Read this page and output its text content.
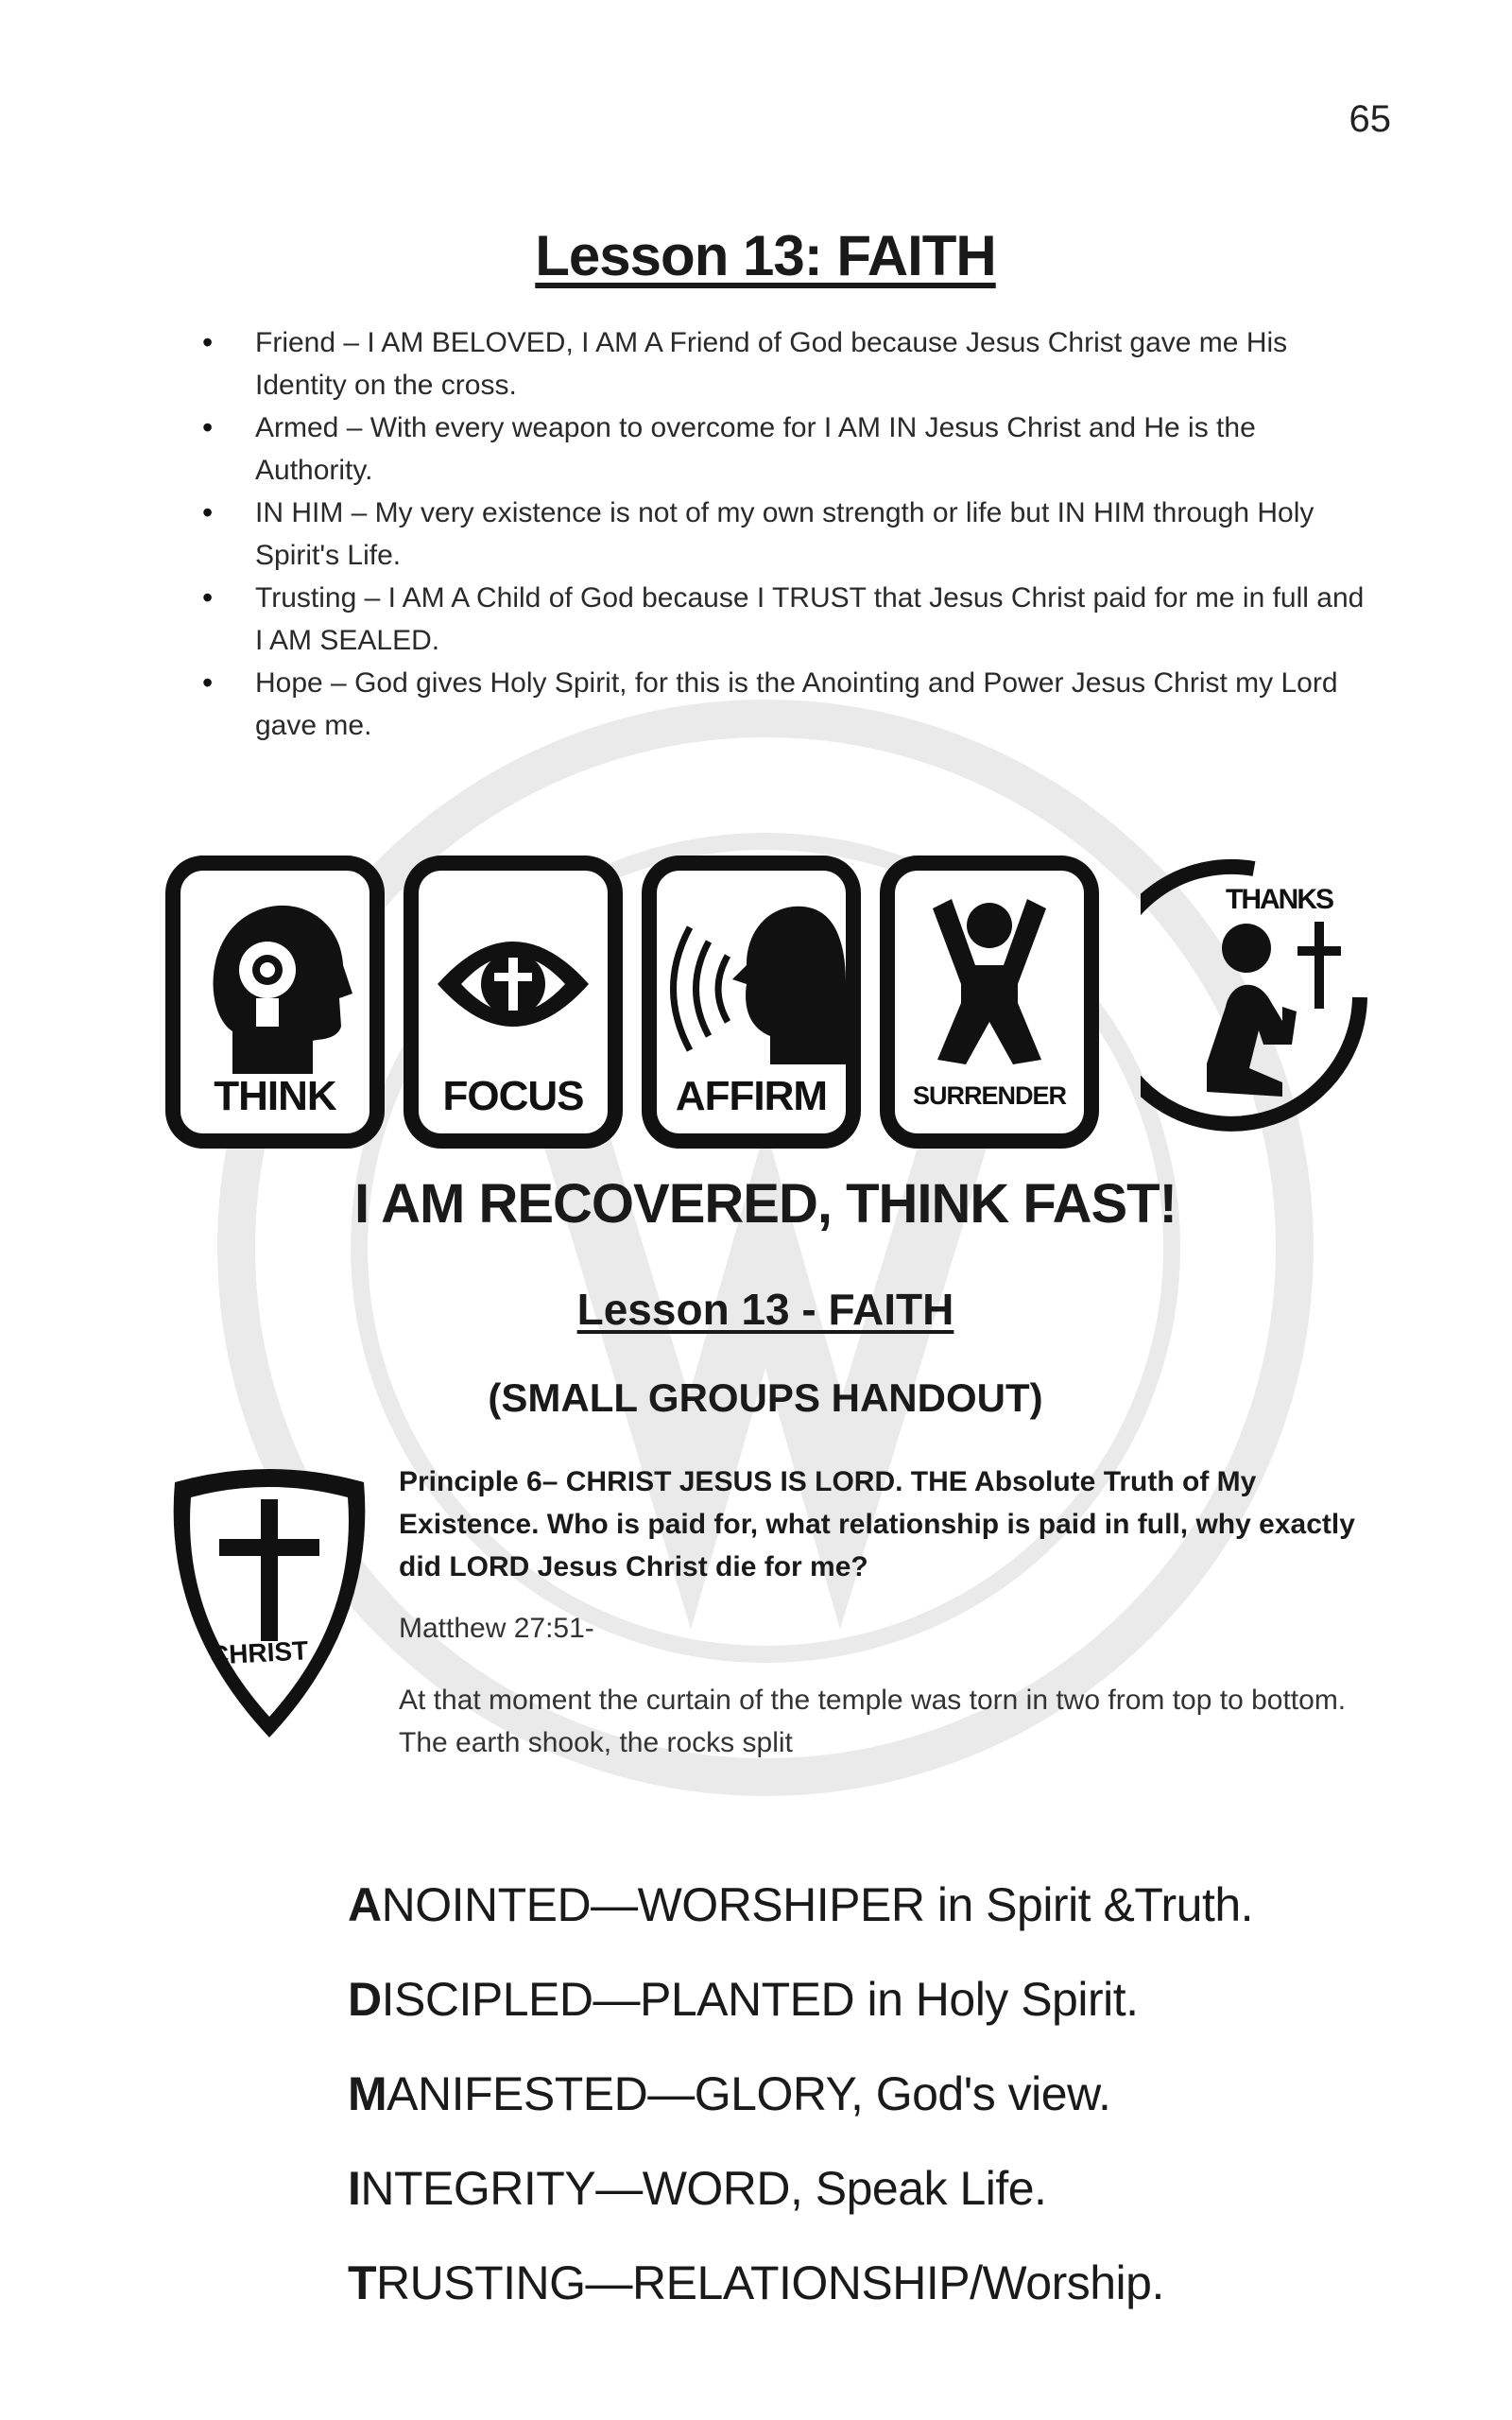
65
Lesson 13: FAITH
• Friend – I AM BELOVED, I AM A Friend of God because Jesus Christ gave me His Identity on the cross.
• Armed – With every weapon to overcome for I AM IN Jesus Christ and He is the Authority.
• IN HIM – My very existence is not of my own strength or life but IN HIM through Holy Spirit's Life.
• Trusting – I AM A Child of God because I TRUST that Jesus Christ paid for me in full and I AM SEALED.
• Hope – God gives Holy Spirit, for this is the Anointing and Power Jesus Christ my Lord gave me.
THINK	FOCUS	AFFIRM	SURRENDER
THANKS
I AM RECOVERED, THINK FAST!
Lesson 13 - FAITH
(SMALL GROUPS HANDOUT)
CHRIST
Principle 6– CHRIST JESUS IS LORD. THE Absolute Truth of My Existence. Who is paid for, what relationship is paid in full, why exactly did LORD Jesus Christ die for me?
Matthew 27:51-
At that moment the curtain of the temple was torn in two from top to bottom. The earth shook, the rocks split
ANOINTED—WORSHIPER in Spirit &Truth.
DISCIPLED—PLANTED in Holy Spirit.
MANIFESTED—GLORY, God's view.
INTEGRITY—WORD, Speak Life.
TRUSTING—RELATIONSHIP/Worship.
